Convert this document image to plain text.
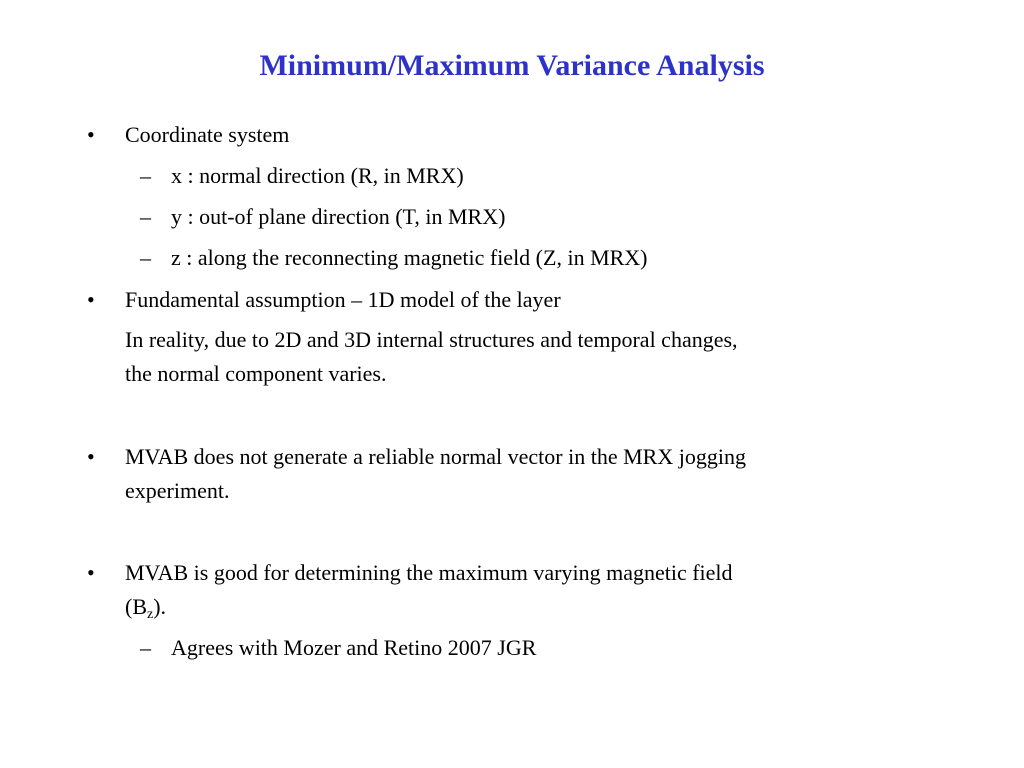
Minimum/Maximum Variance Analysis
• Coordinate system
– x : normal direction (R, in MRX)
– y : out-of plane direction (T, in MRX)
– z : along the reconnecting magnetic field (Z, in MRX)
• Fundamental assumption – 1D model of the layer
In reality, due to 2D and 3D internal structures and temporal changes,
the normal component varies.
• MVAB does not generate a reliable normal vector in the MRX jogging
experiment.
• MVAB is good for determining the maximum varying magnetic field
$(B_z)$.
– Agrees with Mozer and Retino 2007 JGR
